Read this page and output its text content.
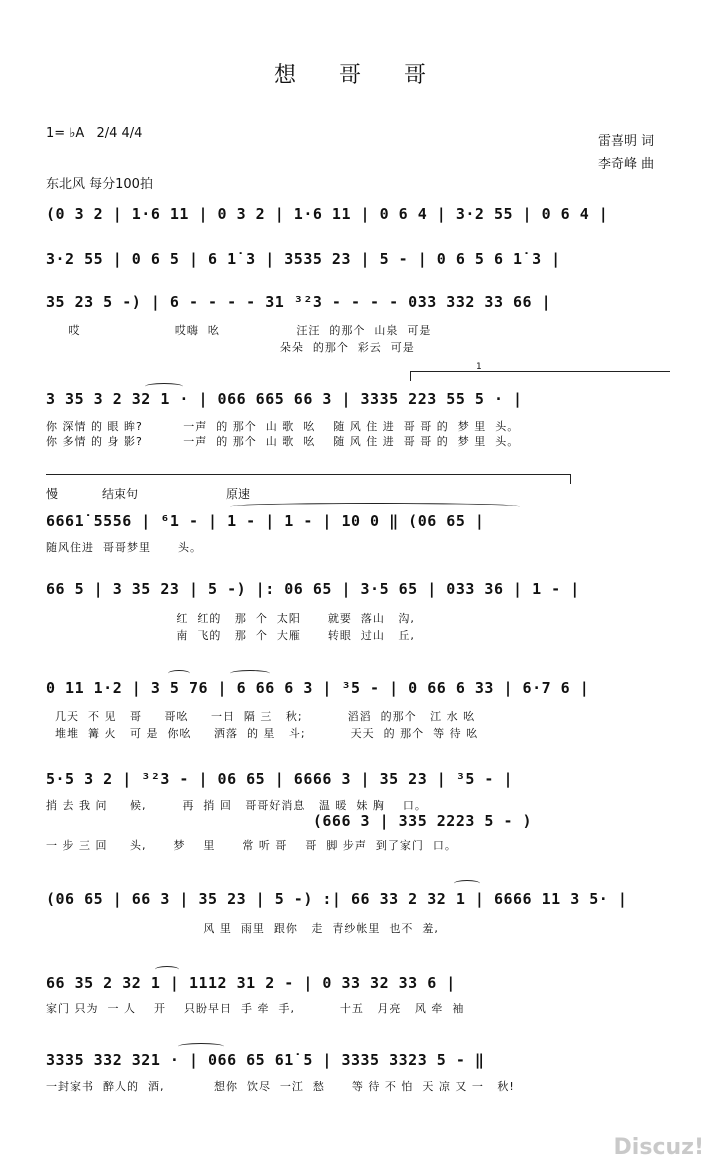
想 哥 哥
1= ♭A 2/4 4/4
雷喜明 词
李奇峰 曲
东北风 每分100拍
(0 3 2 | 1·6 11 | 0 3 2 | 1·6 11 | 0 6 4 | 3·2 55 | 0 6 4 |
3·2 55 | 0 6 5 | 6 1̇ 3 | 3535 23 | 5 - | 0 6 5 6 1̇ 3 |
35 23 5 -) | 6 - - - - 31 ³²3 - - - - 033 332 33 66 |
哎                     哎嗨  吆                 汪汪  的那个  山泉  可是
朵朵  的那个  彩云  可是
1
3 35 3 2 32 1 · | 066 665 66 3 | 3335 223 55 5 · |
你 深情 的 眼 眸?         一声  的 那个  山 歌  吆    随 风 住 进  哥 哥 的  梦 里  头。
你 多情 的 身 影?         一声  的 那个  山 歌  吆    随 风 住 进  哥 哥 的  梦 里  头。
慢	结束句	原速
6661̇ 5556 | ⁶1 - | 1 - | 1 - | 10 0 ‖ (06 65 |
随风住进  哥哥梦里      头。
66 5 | 3 35 23 | 5 -) |: 06 65 | 3·5 65 | 033 36 | 1 - |
红  红的   那  个  太阳      就要  落山   沟,
南  飞的   那  个  大雁      转眼  过山   丘,
0 11 1·2 | 3 5 76 | 6 66 6 3 | ³5 - | 0 66 6 33 | 6·7 6 |
几天  不 见   哥     哥吆     一日  隔 三   秋;          滔滔  的那个   江 水 吆
堆堆  篝 火   可 是  你吆     洒落  的 星   斗;          天天  的 那个  等 待 吆
5·5 3 2 | ³²3 - | 06 65 | 6666 3 | 35 23 | ³5 - |
捎 去 我 问     候,        再  捎 回   哥哥好消息   温 暖  妹 胸    口。
(666 3 | 335 2223 5 - )
一 步 三 回     头,      梦    里      常 听 哥    哥  脚 步声  到了家门  口。
(06 65 | 66 3 | 35 23 | 5 -) :| 66 33 2 32 1 | 6666 11 3 5· |
风 里  雨里  跟你   走  青纱帐里  也不  羞,
66 35 2 32 1 | 1112 31 2 - | 0 33 32 33 6 |
家门 只为  一 人    开    只盼早日  手 牵  手,          十五   月亮   风 牵  袖
3335 332 321 · | 066 65 61̇ 5 | 3335 3323 5 - ‖
一封家书  醉人的  酒,           想你  饮尽  一江  愁      等 待 不 怕  天 凉 又 一   秋!
Discuz!
